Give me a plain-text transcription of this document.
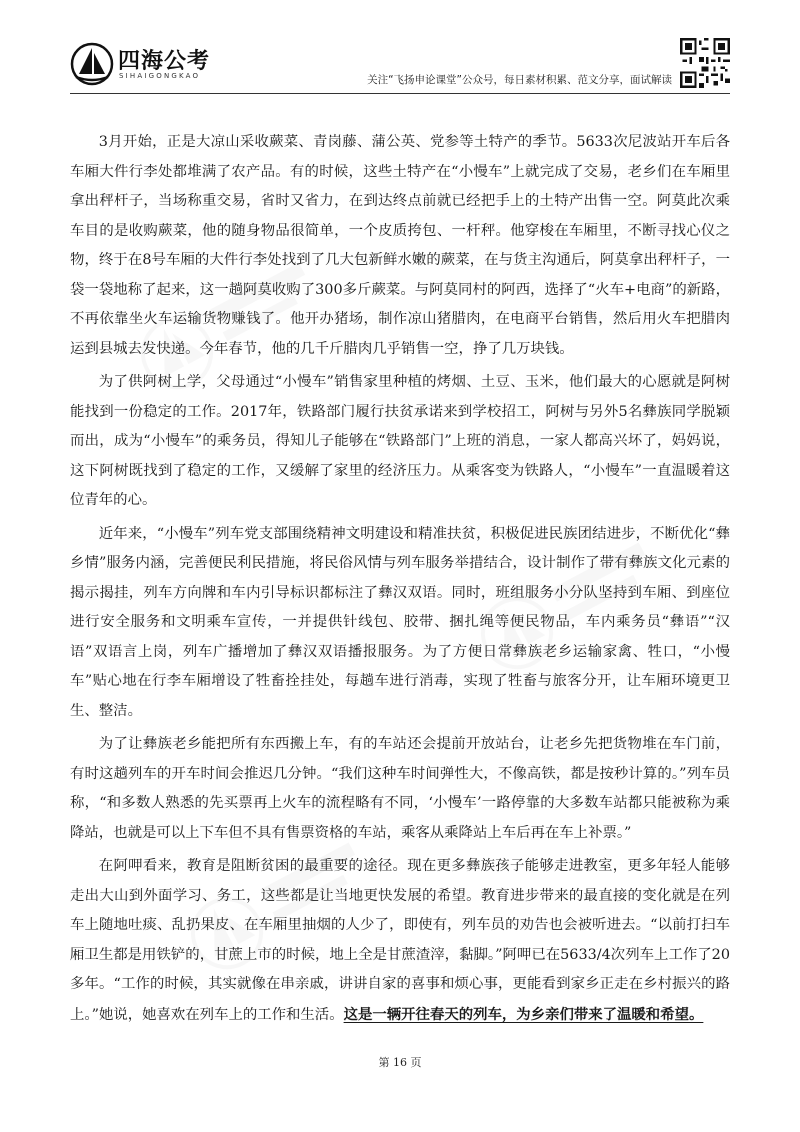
四海公考
SIHAIGONGKAO	关注“飞扬申论课堂”公众号，每日素材积累、范文分享，面试解读

3月开始，正是大凉山采收蕨菜、青岗藤、蒲公英、党参等土特产的季节。5633次尼波站开车后各车厢大件行李处都堆满了农产品。有的时候，这些土特产在“小慢车”上就完成了交易，老乡们在车厢里拿出秤杆子，当场称重交易，省时又省力，在到达终点前就已经把手上的土特产出售一空。阿莫此次乘车目的是收购蕨菜，他的随身物品很简单，一个皮质挎包、一杆秤。他穿梭在车厢里，不断寻找心仪之物，终于在8号车厢的大件行李处找到了几大包新鲜水嫩的蕨菜，在与货主沟通后，阿莫拿出秤杆子，一袋一袋地称了起来，这一趟阿莫收购了300多斤蕨菜。与阿莫同村的阿西，选择了“火车+电商”的新路，不再依靠坐火车运输货物赚钱了。他开办猪场，制作凉山猪腊肉，在电商平台销售，然后用火车把腊肉运到县城去发快递。今年春节，他的几千斤腊肉几乎销售一空，挣了几万块钱。

为了供阿树上学，父母通过“小慢车”销售家里种植的烤烟、土豆、玉米，他们最大的心愿就是阿树能找到一份稳定的工作。2017年，铁路部门履行扶贫承诺来到学校招工，阿树与另外5名彝族同学脱颖而出，成为“小慢车”的乘务员，得知儿子能够在“铁路部门”上班的消息，一家人都高兴坏了，妈妈说，这下阿树既找到了稳定的工作，又缓解了家里的经济压力。从乘客变为铁路人，“小慢车”一直温暖着这位青年的心。

近年来，“小慢车”列车党支部围绕精神文明建设和精准扶贫，积极促进民族团结进步，不断优化“彝乡情”服务内涵，完善便民利民措施，将民俗风情与列车服务举措结合，设计制作了带有彝族文化元素的揭示揭挂，列车方向牌和车内引导标识都标注了彝汉双语。同时，班组服务小分队坚持到车厢、到座位进行安全服务和文明乘车宣传，一并提供针线包、胶带、捆扎绳等便民物品，车内乘务员“彝语”“汉语”双语言上岗，列车广播增加了彝汉双语播报服务。为了方便日常彝族老乡运输家禽、牲口，“小慢车”贴心地在行李车厢增设了牲畜拴挂处，每趟车进行消毒，实现了牲畜与旅客分开，让车厢环境更卫生、整洁。

为了让彝族老乡能把所有东西搬上车，有的车站还会提前开放站台，让老乡先把货物堆在车门前，有时这趟列车的开车时间会推迟几分钟。“我们这种车时间弹性大，不像高铁，都是按秒计算的。”列车员称，“和多数人熟悉的先买票再上火车的流程略有不同，‘小慢车’一路停靠的大多数车站都只能被称为乘降站，也就是可以上下车但不具有售票资格的车站，乘客从乘降站上车后再在车上补票。”

在阿呷看来，教育是阻断贫困的最重要的途径。现在更多彝族孩子能够走进教室，更多年轻人能够走出大山到外面学习、务工，这些都是让当地更快发展的希望。教育进步带来的最直接的变化就是在列车上随地吐痰、乱扔果皮、在车厢里抽烟的人少了，即使有，列车员的劝告也会被听进去。“以前打扫车厢卫生都是用铁铲的，甘蔗上市的时候，地上全是甘蔗渣滓，黏脚。”阿呷已在5633/4次列车上工作了20多年。“工作的时候，其实就像在串亲戚，讲讲自家的喜事和烦心事，更能看到家乡正走在乡村振兴的路上。”她说，她喜欢在列车上的工作和生活。这是一辆开往春天的列车，为乡亲们带来了温暖和希望。

第 16 页
